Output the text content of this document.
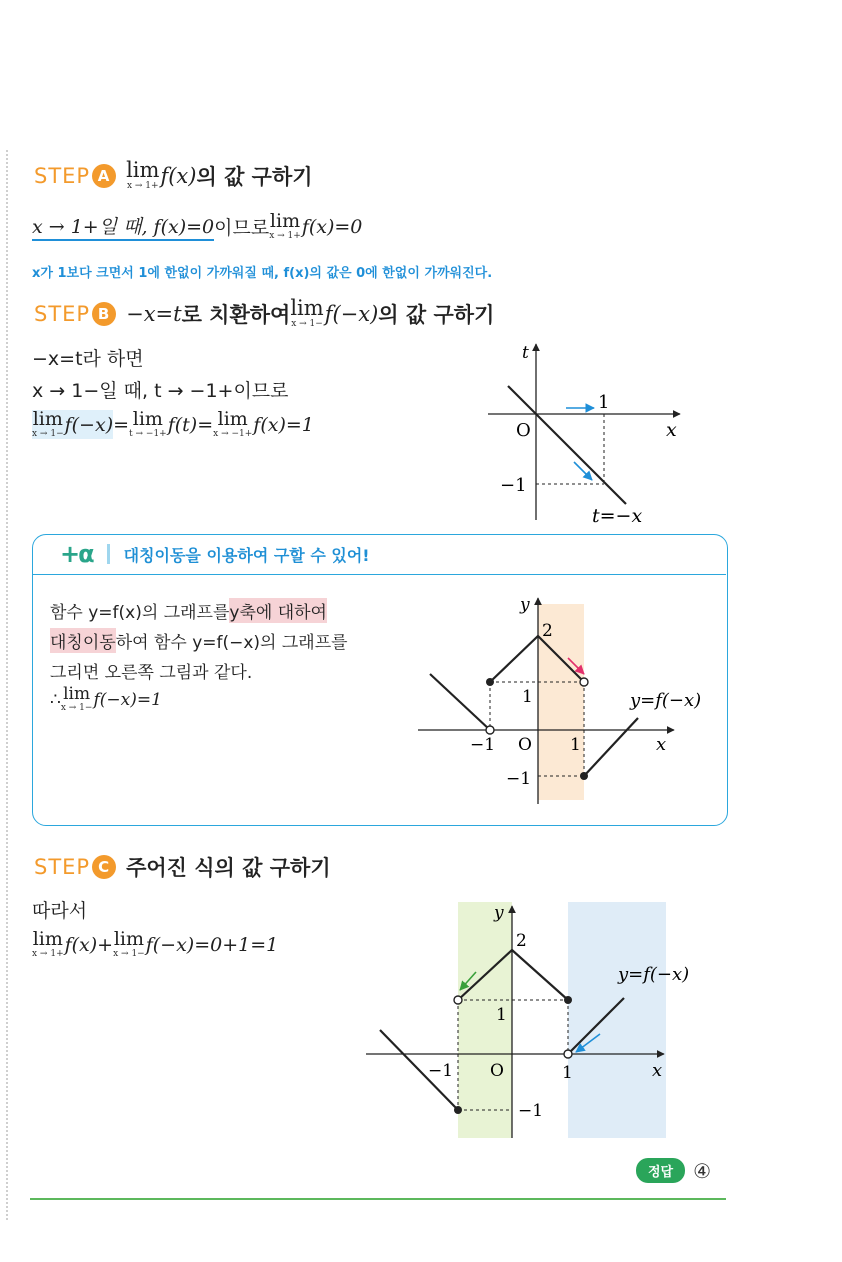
STEP A lim
x → 1+ f(x) 의 값 구하기
x → 1+일 때, f(x)=0 이므로 lim
x → 1+ f(x)=0
x가 1보다 크면서 1에 한없이 가까워질 때, f(x)의 값은 0에 한없이 가까워진다.
STEP B −x=t 로 치환하여 lim
x → 1− f(−x) 의 값 구하기
−x=t라 하면
x → 1−일 때, t → −1+이므로
lim
x → 1− f(−x) = lim
t → −1+ f(t)= lim
x → −1+ f(x)=1
t
x
O
1
−1
t=−x
+α 대칭이동을 이용하여 구할 수 있어!
함수 y=f(x)의 그래프를 y축에 대하여
대칭이동 하여 함수 y=f(−x)의 그래프를
그리면 오른쪽 그림과 같다.
∴ lim
x → 1− f(−x)=1
y
x
2
1
O
−1	1
−1
y=f(−x)
STEP C 주어진 식의 값 구하기
따라서
lim
x → 1+ f(x)+ lim
x → 1− f(−x)=0+1=1
y
x
2
1
O
−1	1
−1
y=f(−x)
정답	④
